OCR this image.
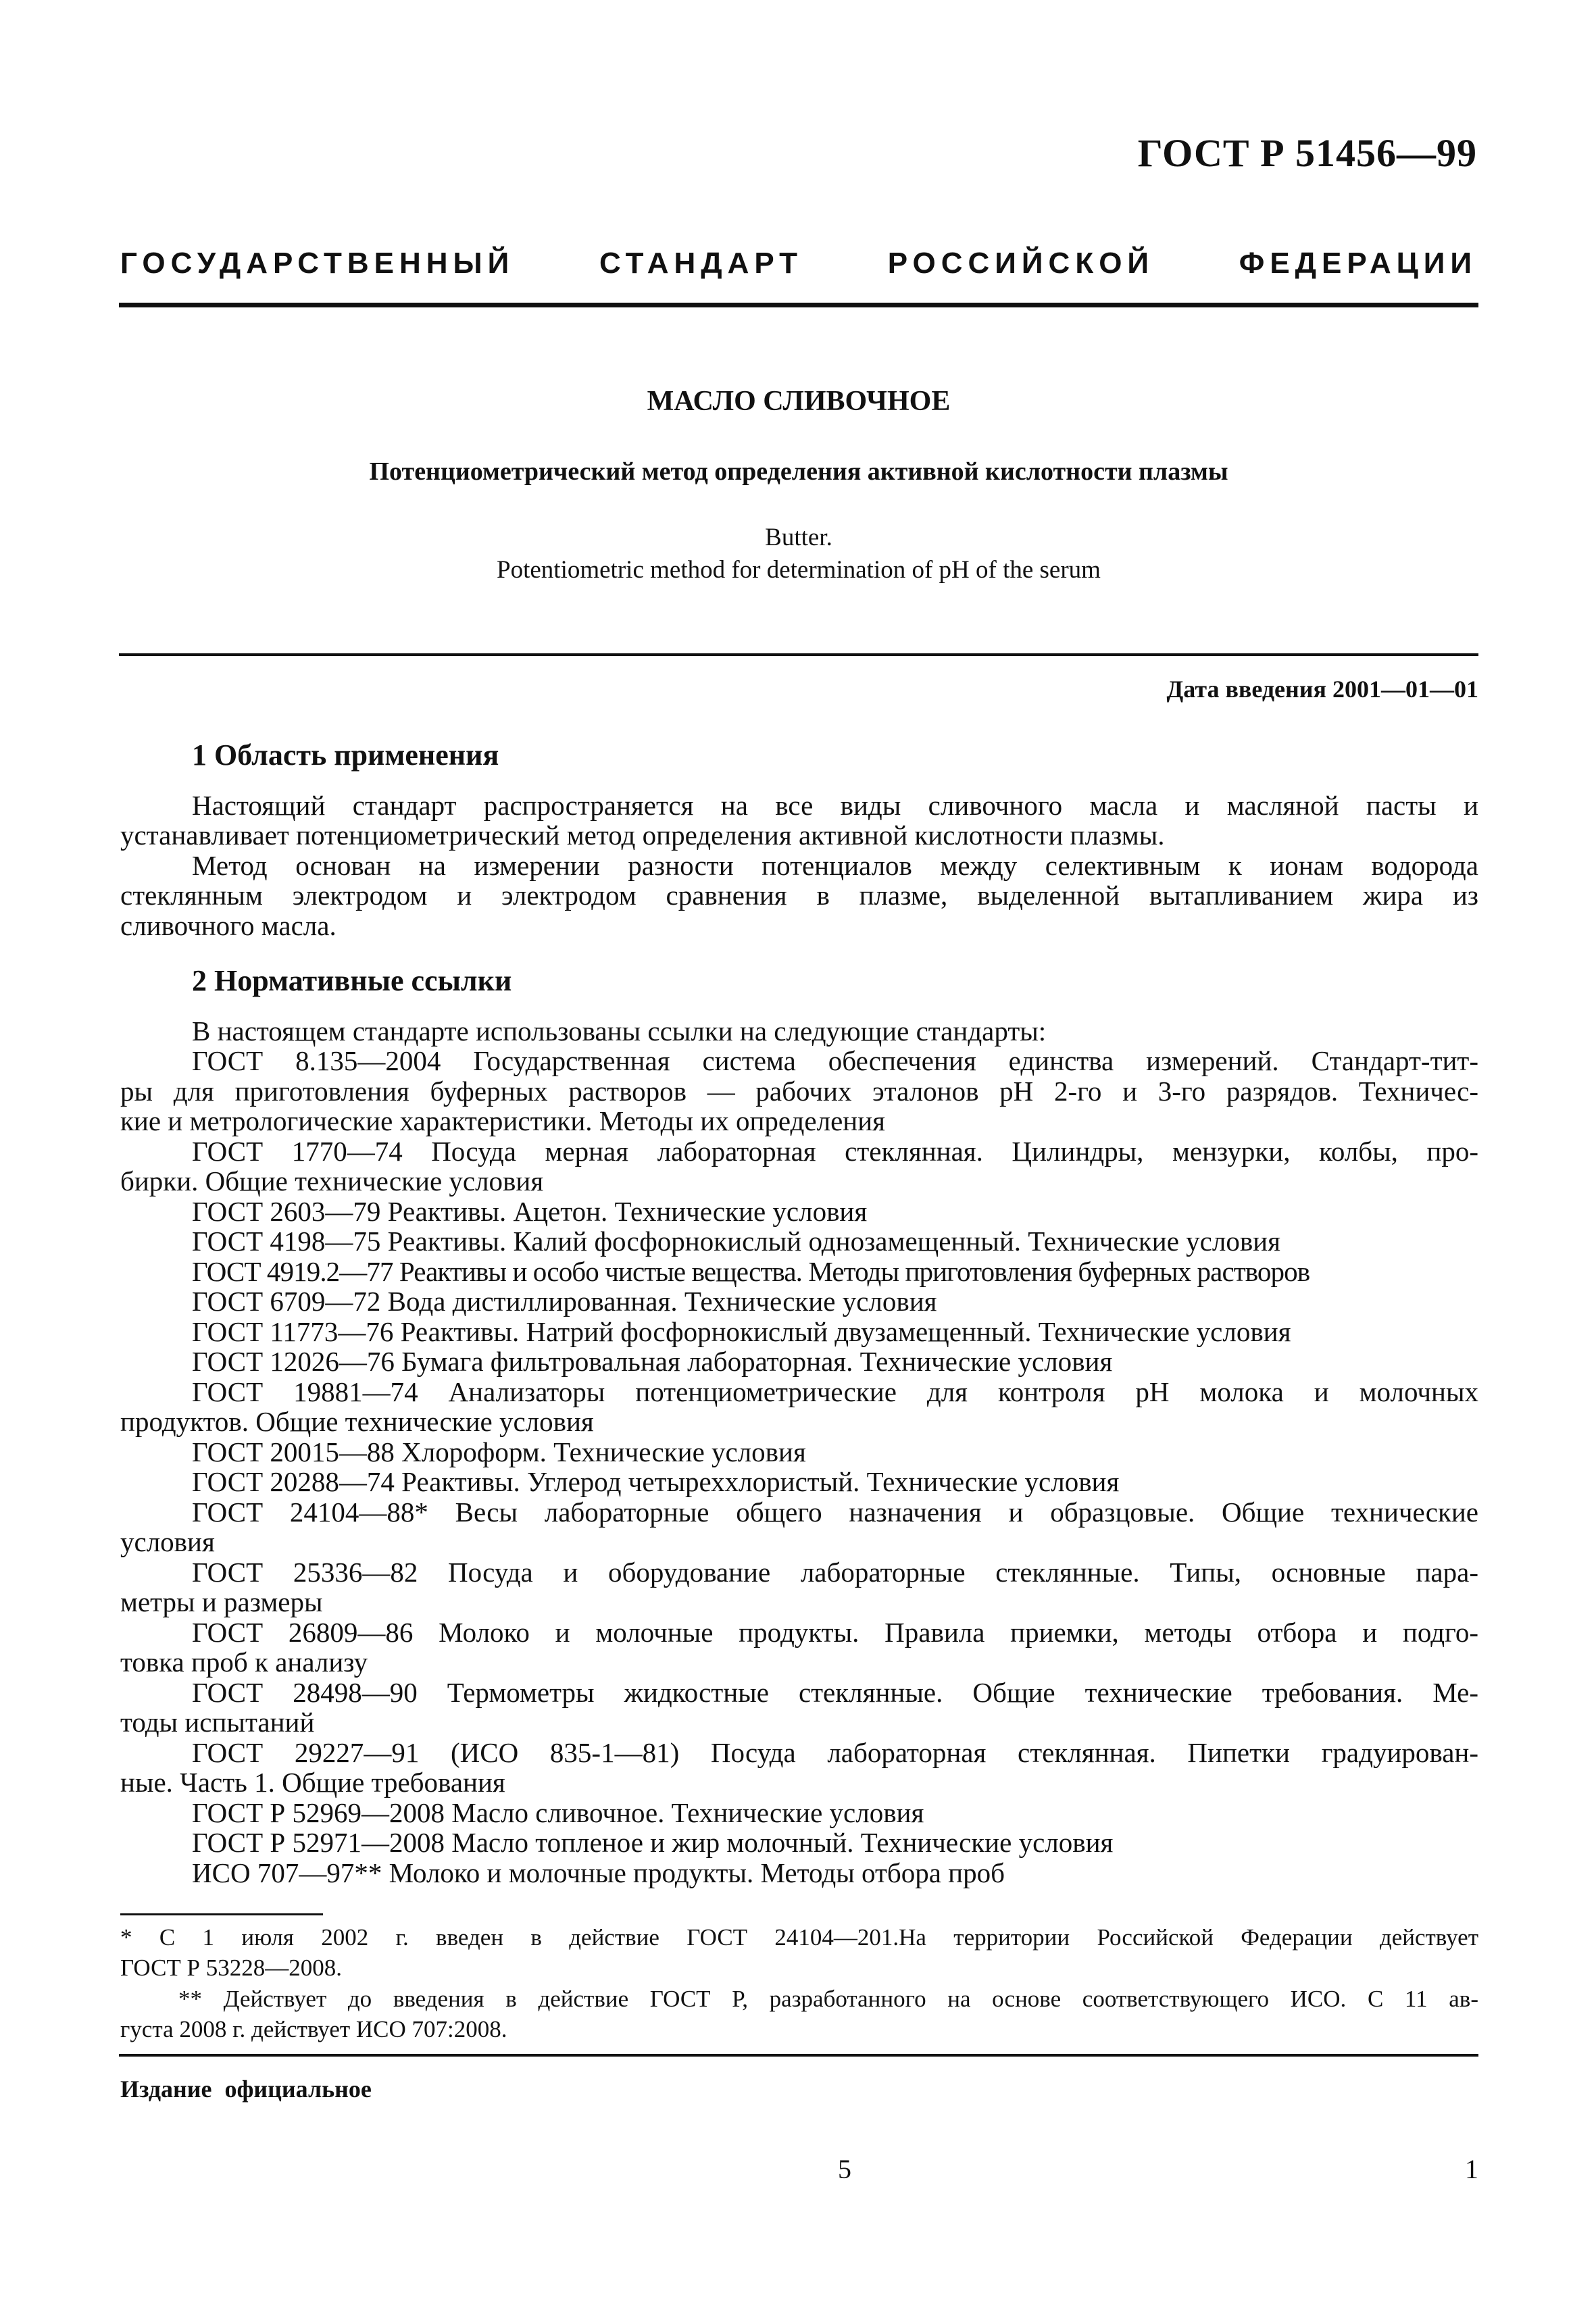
ГОСТ Р 51456—99
ГОСУДАРСТВЕННЫЙ СТАНДАРТ РОССИЙСКОЙ ФЕДЕРАЦИИ
МАСЛО СЛИВОЧНОЕ
Потенциометрический метод определения активной кислотности плазмы
Butter.
Potentiometric method for determination of pH of the serum
Дата введения 2001—01—01
1 Область применения
Настоящий стандарт распространяется на все виды сливочного масла и масляной пасты и
устанавливает потенциометрический метод определения активной кислотности плазмы.
Метод основан на измерении разности потенциалов между селективным к ионам водорода
стеклянным электродом и электродом сравнения в плазме, выделенной вытапливанием жира из
сливочного масла.
2 Нормативные ссылки
В настоящем стандарте использованы ссылки на следующие стандарты:
ГОСТ 8.135—2004 Государственная система обеспечения единства измерений. Стандарт-тит-
ры для приготовления буферных растворов — рабочих эталонов pH 2-го и 3-го разрядов. Техничес-
кие и метрологические характеристики. Методы их определения
ГОСТ 1770—74 Посуда мерная лабораторная стеклянная. Цилиндры, мензурки, колбы, про-
бирки. Общие технические условия
ГОСТ 2603—79 Реактивы. Ацетон. Технические условия
ГОСТ 4198—75 Реактивы. Калий фосфорнокислый однозамещенный. Технические условия
ГОСТ 4919.2—77 Реактивы и особо чистые вещества. Методы приготовления буферных растворов
ГОСТ 6709—72 Вода дистиллированная. Технические условия
ГОСТ 11773—76 Реактивы. Натрий фосфорнокислый двузамещенный. Технические условия
ГОСТ 12026—76 Бумага фильтровальная лабораторная. Технические условия
ГОСТ 19881—74 Анализаторы потенциометрические для контроля pH молока и молочных
продуктов. Общие технические условия
ГОСТ 20015—88 Хлороформ. Технические условия
ГОСТ 20288—74 Реактивы. Углерод четыреххлористый. Технические условия
ГОСТ 24104—88* Весы лабораторные общего назначения и образцовые. Общие технические
условия
ГОСТ 25336—82 Посуда и оборудование лабораторные стеклянные. Типы, основные пара-
метры и размеры
ГОСТ 26809—86 Молоко и молочные продукты. Правила приемки, методы отбора и подго-
товка проб к анализу
ГОСТ 28498—90 Термометры жидкостные стеклянные. Общие технические требования. Ме-
тоды испытаний
ГОСТ 29227—91 (ИСО 835-1—81) Посуда лабораторная стеклянная. Пипетки градуирован-
ные. Часть 1. Общие требования
ГОСТ Р 52969—2008 Масло сливочное. Технические условия
ГОСТ Р 52971—2008 Масло топленое и жир молочный. Технические условия
ИСО 707—97** Молоко и молочные продукты. Методы отбора проб
* С 1 июля 2002 г. введен в действие ГОСТ 24104—201.На территории Российской Федерации действует
ГОСТ Р 53228—2008.
** Действует до введения в действие ГОСТ Р, разработанного на основе соответствующего ИСО. С 11 ав-
густа 2008 г. действует ИСО 707:2008.
Издание официальное
5	1
